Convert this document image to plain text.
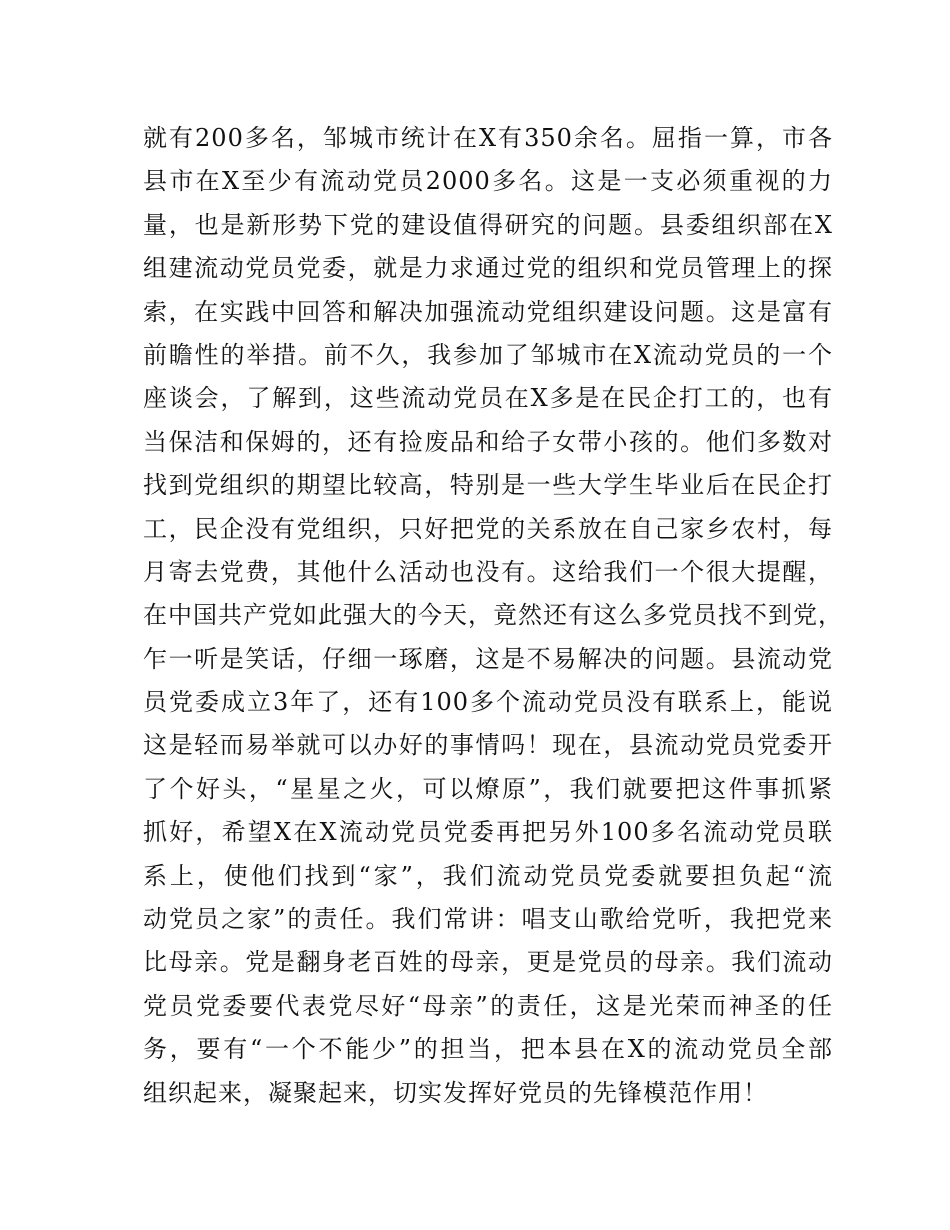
就有200多名，邹城市统计在X有350余名。屈指一算，市各
县市在X至少有流动党员2000多名。这是一支必须重视的力
量，也是新形势下党的建设值得研究的问题。县委组织部在X
组建流动党员党委，就是力求通过党的组织和党员管理上的探
索，在实践中回答和解决加强流动党组织建设问题。这是富有
前瞻性的举措。前不久，我参加了邹城市在X流动党员的一个
座谈会，了解到，这些流动党员在X多是在民企打工的，也有
当保洁和保姆的，还有捡废品和给子女带小孩的。他们多数对
找到党组织的期望比较高，特别是一些大学生毕业后在民企打
工，民企没有党组织，只好把党的关系放在自己家乡农村，每
月寄去党费，其他什么活动也没有。这给我们一个很大提醒，
在中国共产党如此强大的今天，竟然还有这么多党员找不到党，
乍一听是笑话，仔细一琢磨，这是不易解决的问题。县流动党
员党委成立3年了，还有100多个流动党员没有联系上，能说
这是轻而易举就可以办好的事情吗！现在，县流动党员党委开
了个好头，“星星之火，可以燎原”，我们就要把这件事抓紧
抓好，希望X在X流动党员党委再把另外100多名流动党员联
系上，使他们找到“家”，我们流动党员党委就要担负起“流
动党员之家”的责任。我们常讲：唱支山歌给党听，我把党来
比母亲。党是翻身老百姓的母亲，更是党员的母亲。我们流动
党员党委要代表党尽好“母亲”的责任，这是光荣而神圣的任
务，要有“一个不能少”的担当，把本县在X的流动党员全部
组织起来，凝聚起来，切实发挥好党员的先锋模范作用！
